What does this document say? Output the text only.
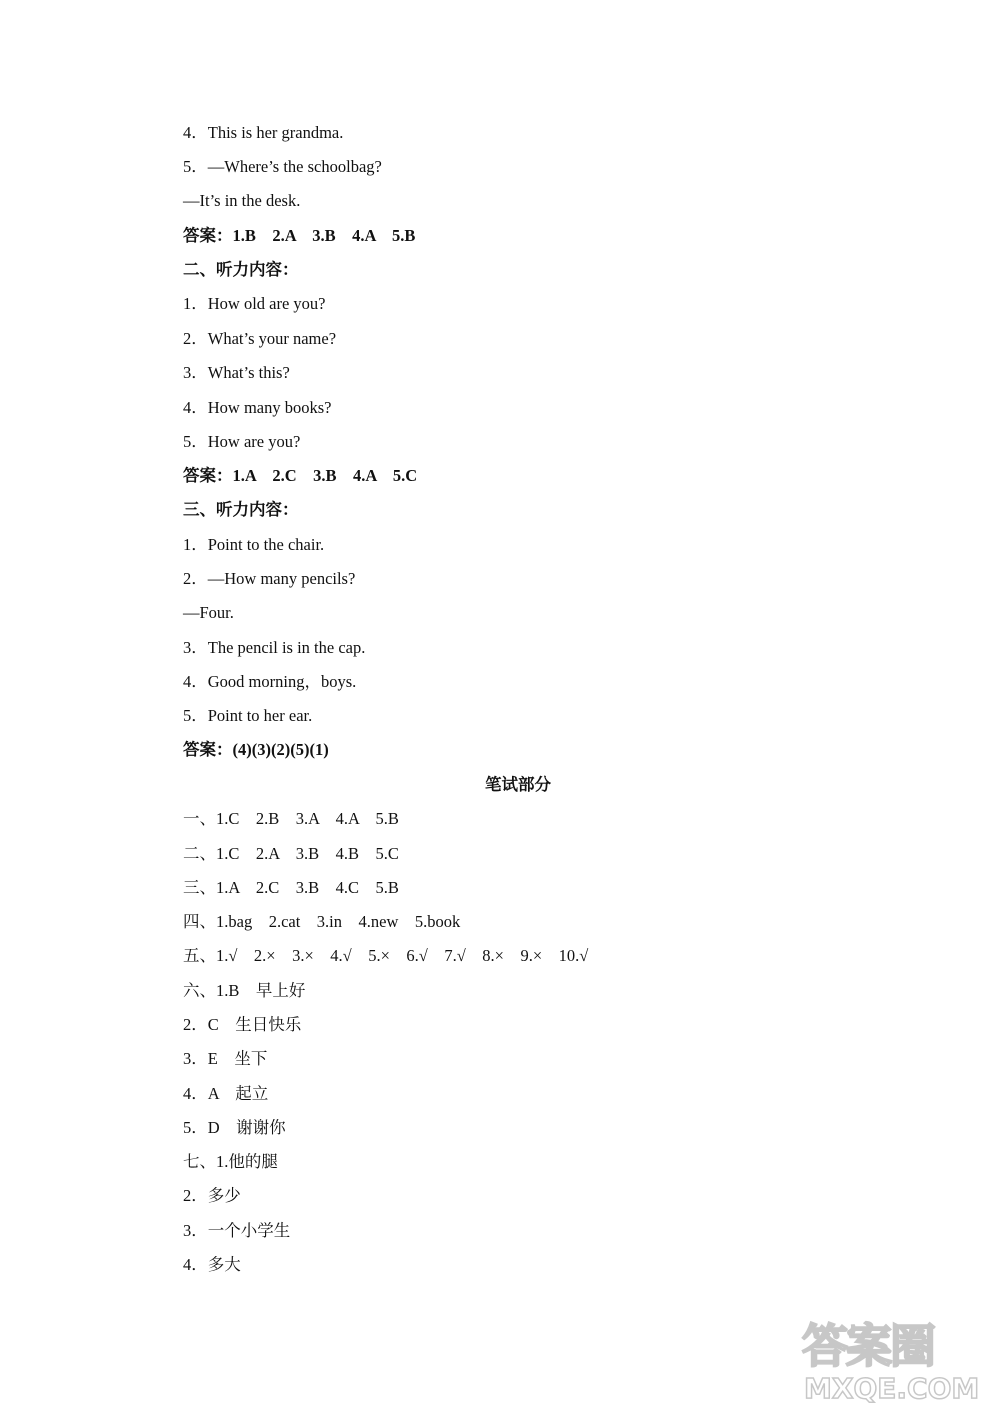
4．This is her grandma.
5．—Where’s the schoolbag?
—It’s in the desk.
答案：1.B　2.A　3.B　4.A　5.B
二、听力内容：
1．How old are you?
2．What’s your name?
3．What’s this?
4．How many books?
5．How are you?
答案：1.A　2.C　3.B　4.A　5.C
三、听力内容：
1．Point to the chair.
2．—How many pencils?
—Four.
3．The pencil is in the cap.
4．Good morning，boys.
5．Point to her ear.
答案：(4)(3)(2)(5)(1)
笔试部分
一、1.C　2.B　3.A　4.A　5.B
二、1.C　2.A　3.B　4.B　5.C
三、1.A　2.C　3.B　4.C　5.B
四、1.bag　2.cat　3.in　4.new　5.book
五、1.√　2.×　3.×　4.√　5.×　6.√　7.√　8.×　9.×　10.√
六、1.B　早上好
2．C　生日快乐
3．E　坐下
4．A　起立
5．D　谢谢你
七、1.他的腿
2．多少
3．一个小学生
4．多大
答案圈
MXQE.COM
